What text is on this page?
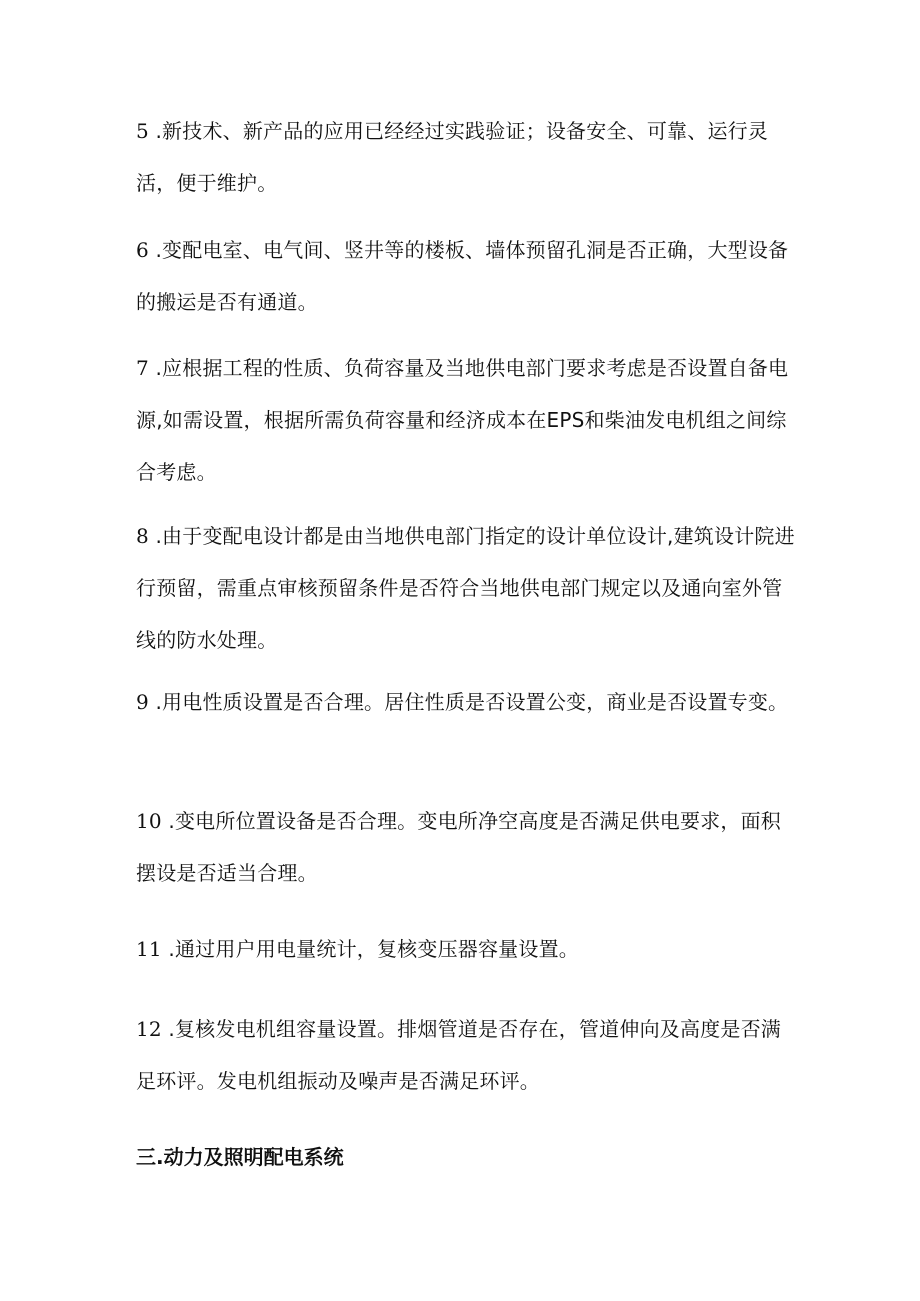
5 .新技术、新产品的应用已经经过实践验证；设备安全、可靠、运行灵活，便于维护。

6 .变配电室、电气间、竖井等的楼板、墙体预留孔洞是否正确，大型设备的搬运是否有通道。

7 .应根据工程的性质、负荷容量及当地供电部门要求考虑是否设置自备电源,如需设置，根据所需负荷容量和经济成本在EPS和柴油发电机组之间综合考虑。

8 .由于变配电设计都是由当地供电部门指定的设计单位设计,建筑设计院进行预留，需重点审核预留条件是否符合当地供电部门规定以及通向室外管线的防水处理。

9 .用电性质设置是否合理。居住性质是否设置公变，商业是否设置专变。

10 .变电所位置设备是否合理。变电所净空高度是否满足供电要求，面积摆设是否适当合理。

11 .通过用户用电量统计，复核变压器容量设置。

12 .复核发电机组容量设置。排烟管道是否存在，管道伸向及高度是否满足环评。发电机组振动及噪声是否满足环评。

三.动力及照明配电系统
